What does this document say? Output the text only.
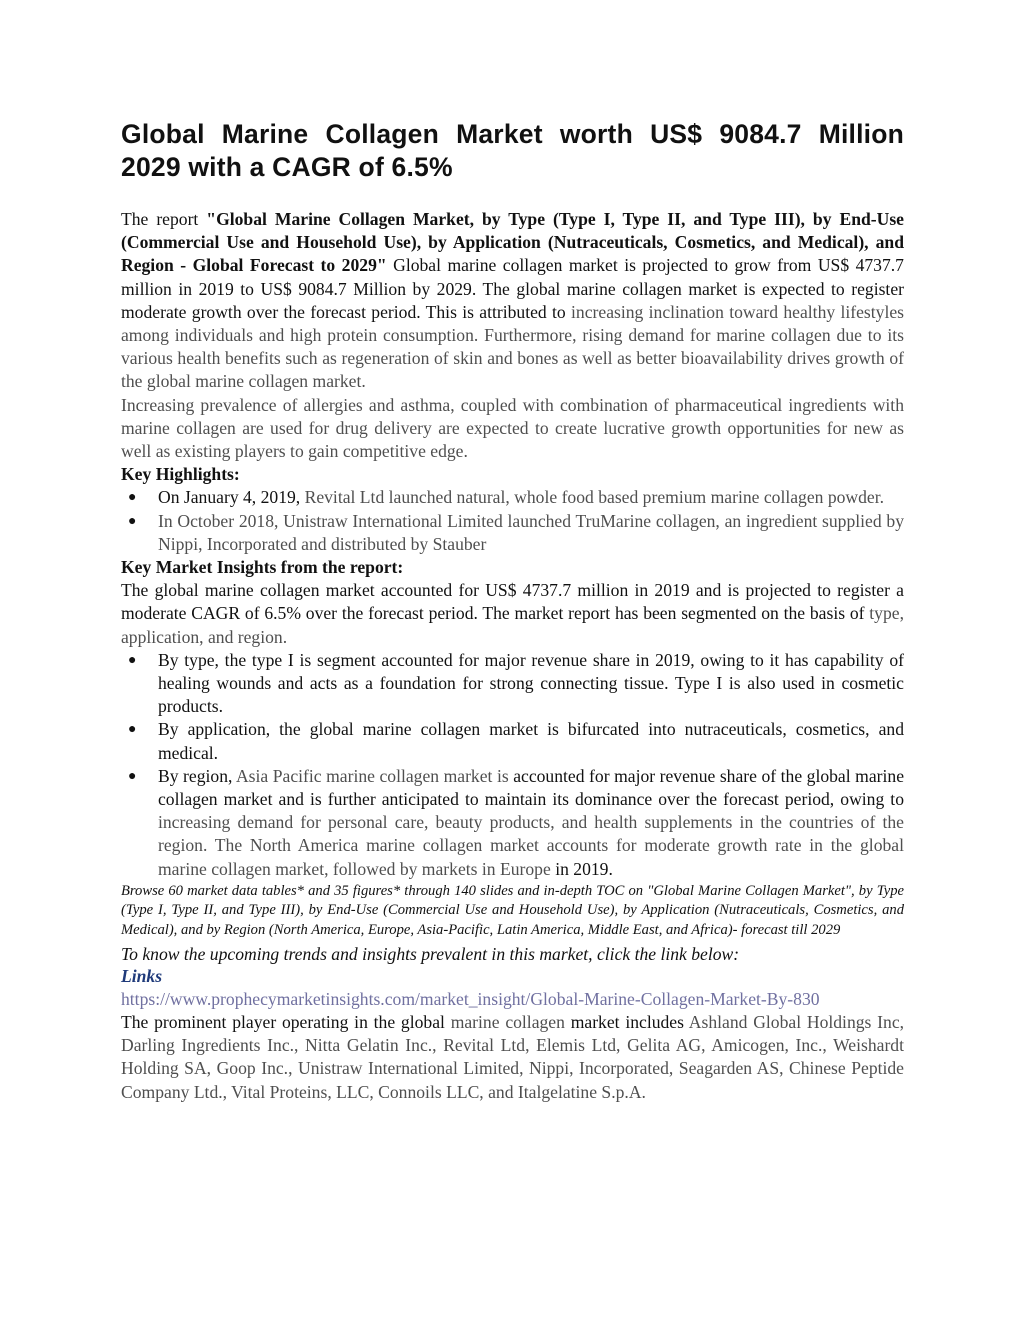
Global Marine Collagen Market worth US$ 9084.7 Million 2029 with a CAGR of 6.5%

The report "Global Marine Collagen Market, by Type (Type I, Type II, and Type III), by End-Use (Commercial Use and Household Use), by Application (Nutraceuticals, Cosmetics, and Medical), and Region - Global Forecast to 2029" Global marine collagen market is projected to grow from US$ 4737.7 million in 2019 to US$ 9084.7 Million by 2029. The global marine collagen market is expected to register moderate growth over the forecast period. This is attributed to increasing inclination toward healthy lifestyles among individuals and high protein consumption. Furthermore, rising demand for marine collagen due to its various health benefits such as regeneration of skin and bones as well as better bioavailability drives growth of the global marine collagen market.

Increasing prevalence of allergies and asthma, coupled with combination of pharmaceutical ingredients with marine collagen are used for drug delivery are expected to create lucrative growth opportunities for new as well as existing players to gain competitive edge.

Key Highlights:
● On January 4, 2019, Revital Ltd launched natural, whole food based premium marine collagen powder.
● In October 2018, Unistraw International Limited launched TruMarine collagen, an ingredient supplied by Nippi, Incorporated and distributed by Stauber
Key Market Insights from the report:

The global marine collagen market accounted for US$ 4737.7 million in 2019 and is projected to register a moderate CAGR of 6.5% over the forecast period. The market report has been segmented on the basis of type, application, and region.

● By type, the type I is segment accounted for major revenue share in 2019, owing to it has capability of healing wounds and acts as a foundation for strong connecting tissue. Type I is also used in cosmetic products.
● By application, the global marine collagen market is bifurcated into nutraceuticals, cosmetics, and medical.
● By region, Asia Pacific marine collagen market is accounted for major revenue share of the global marine collagen market and is further anticipated to maintain its dominance over the forecast period, owing to increasing demand for personal care, beauty products, and health supplements in the countries of the region. The North America marine collagen market accounts for moderate growth rate in the global marine collagen market, followed by markets in Europe in 2019.

Browse 60 market data tables* and 35 figures* through 140 slides and in-depth TOC on "Global Marine Collagen Market", by Type (Type I, Type II, and Type III), by End-Use (Commercial Use and Household Use), by Application (Nutraceuticals, Cosmetics, and Medical), and by Region (North America, Europe, Asia-Pacific, Latin America, Middle East, and Africa)- forecast till 2029

To know the upcoming trends and insights prevalent in this market, click the link below:
Links
https://www.prophecymarketinsights.com/market_insight/Global-Marine-Collagen-Market-By-830

The prominent player operating in the global marine collagen market includes Ashland Global Holdings Inc, Darling Ingredients Inc., Nitta Gelatin Inc., Revital Ltd, Elemis Ltd, Gelita AG, Amicogen, Inc., Weishardt Holding SA, Goop Inc., Unistraw International Limited, Nippi, Incorporated, Seagarden AS, Chinese Peptide Company Ltd., Vital Proteins, LLC, Connoils LLC, and Italgelatine S.p.A.
